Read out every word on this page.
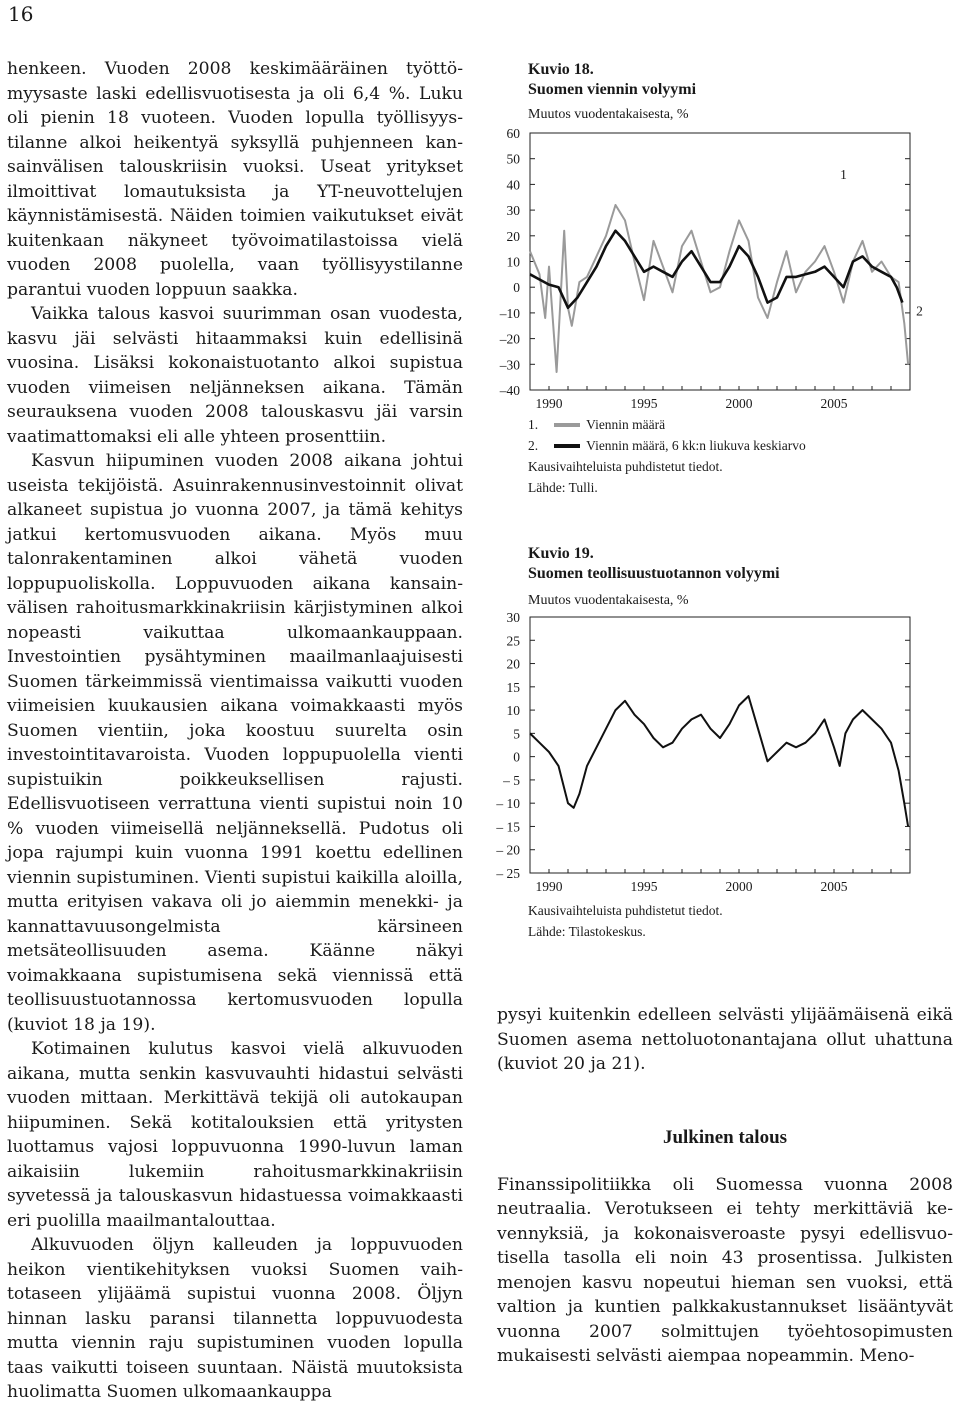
16

henkeen. Vuoden 2008 keskimääräinen työttömyysaste laski edellisvuotisesta ja oli 6,4 %. Luku oli pienin 18 vuoteen. Vuoden lopulla työllisyystilanne alkoi heikentyä syksyllä puhjenneen kansainvälisen talouskriisin vuoksi. Useat yritykset ilmoittivat lomautuksista ja YT-neuvottelujen käynnistämisestä. Näiden toimien vaikutukset eivät kuitenkaan näkyneet työvoimatilastoissa vielä vuoden 2008 puolella, vaan työllisyystilanne parantui vuoden loppuun saakka.

Vaikka talous kasvoi suurimman osan vuodesta, kasvu jäi selvästi hitaammaksi kuin edellisinä vuosina. Lisäksi kokonaistuotanto alkoi supistua vuoden viimeisen neljänneksen aikana. Tämän seurauksena vuoden 2008 talouskasvu jäi varsin vaatimattomaksi eli alle yhteen prosenttiin.

Kasvun hiipuminen vuoden 2008 aikana johtui useista tekijöistä. Asuinrakennusinvestoinnit olivat alkaneet supistua jo vuonna 2007, ja tämä kehitys jatkui kertomusvuoden aikana. Myös muu talonrakentaminen alkoi vähetä vuoden loppupuoliskolla. Loppuvuoden aikana kansainvälisen rahoitusmarkkinakriisin kärjistyminen alkoi nopeasti vaikuttaa ulkomaankauppaan. Investointien pysähtyminen maailmanlaajuisesti Suomen tärkeimmissä vientimaissa vaikutti vuoden viimeisien kuukausien aikana voimakkaasti myös Suomen vientiin, joka koostuu suurelta osin investointitavaroista. Vuoden loppupuolella vienti supistuikin poikkeuksellisen rajusti. Edellisvuotiseen verrattuna vienti supistui noin 10 % vuoden viimeisellä neljänneksellä. Pudotus oli jopa rajumpi kuin vuonna 1991 koettu edellinen viennin supistuminen. Vienti supistui kaikilla aloilla, mutta erityisen vakava oli jo aiemmin menekki- ja kannattavuusongelmista kärsineen metsäteollisuuden asema. Käänne näkyi voimakkaana supistumisena sekä viennissä että teollisuustuotannossa kertomusvuoden lopulla (kuviot 18 ja 19).

Kotimainen kulutus kasvoi vielä alkuvuoden aikana, mutta senkin kasvuvauhti hidastui selvästi vuoden mittaan. Merkittävä tekijä oli autokaupan hiipuminen. Sekä kotitalouksien että yritysten luottamus vajosi loppuvuonna 1990-luvun laman aikaisiin lukemiin rahoitusmarkkinakriisin syvetessä ja talouskasvun hidastuessa voimakkaasti eri puolilla maailmantalouttaa.

Alkuvuoden öljyn kalleuden ja loppuvuoden heikon vientikehityksen vuoksi Suomen vaihtotaseen ylijäämä supistui vuonna 2008. Öljyn hinnan lasku paransi tilannetta loppuvuodesta mutta viennin raju supistuminen vuoden lopulla taas vaikutti toiseen suuntaan. Näistä muutoksista huolimatta Suomen ulkomaankauppa

Kuvio 18.
Suomen viennin volyymi
Muutos vuodentakaisesta, %
60
50
40
30
20
10
0
–10
–20
–30
–40
1990	1995	2000	2005
1
2
1.	Viennin määrä
2.	Viennin määrä, 6 kk:n liukuva keskiarvo
Kausivaihteluista puhdistetut tiedot.
Lähde: Tulli.
Kuvio 19.
Suomen teollisuustuotannon volyymi
Muutos vuodentakaisesta, %
30
25
20
15
10
5
0
– 5
– 10
– 15
– 20
– 25
1990	1995	2000	2005
Kausivaihteluista puhdistetut tiedot.
Lähde: Tilastokeskus.

pysyi kuitenkin edelleen selvästi ylijäämäisenä eikä Suomen asema nettoluotonantajana ollut uhattuna (kuviot 20 ja 21).

Julkinen talous

Finanssipolitiikka oli Suomessa vuonna 2008 neutraalia. Verotukseen ei tehty merkittäviä kevennyksiä, ja kokonaisveroaste pysyi edellisvuotisella tasolla eli noin 43 prosentissa. Julkisten menojen kasvu nopeutui hieman sen vuoksi, että valtion ja kuntien palkkakustannukset lisääntyvät vuonna 2007 solmittujen työehtosopimusten mukaisesti selvästi aiempaa nopeammin. Meno-
